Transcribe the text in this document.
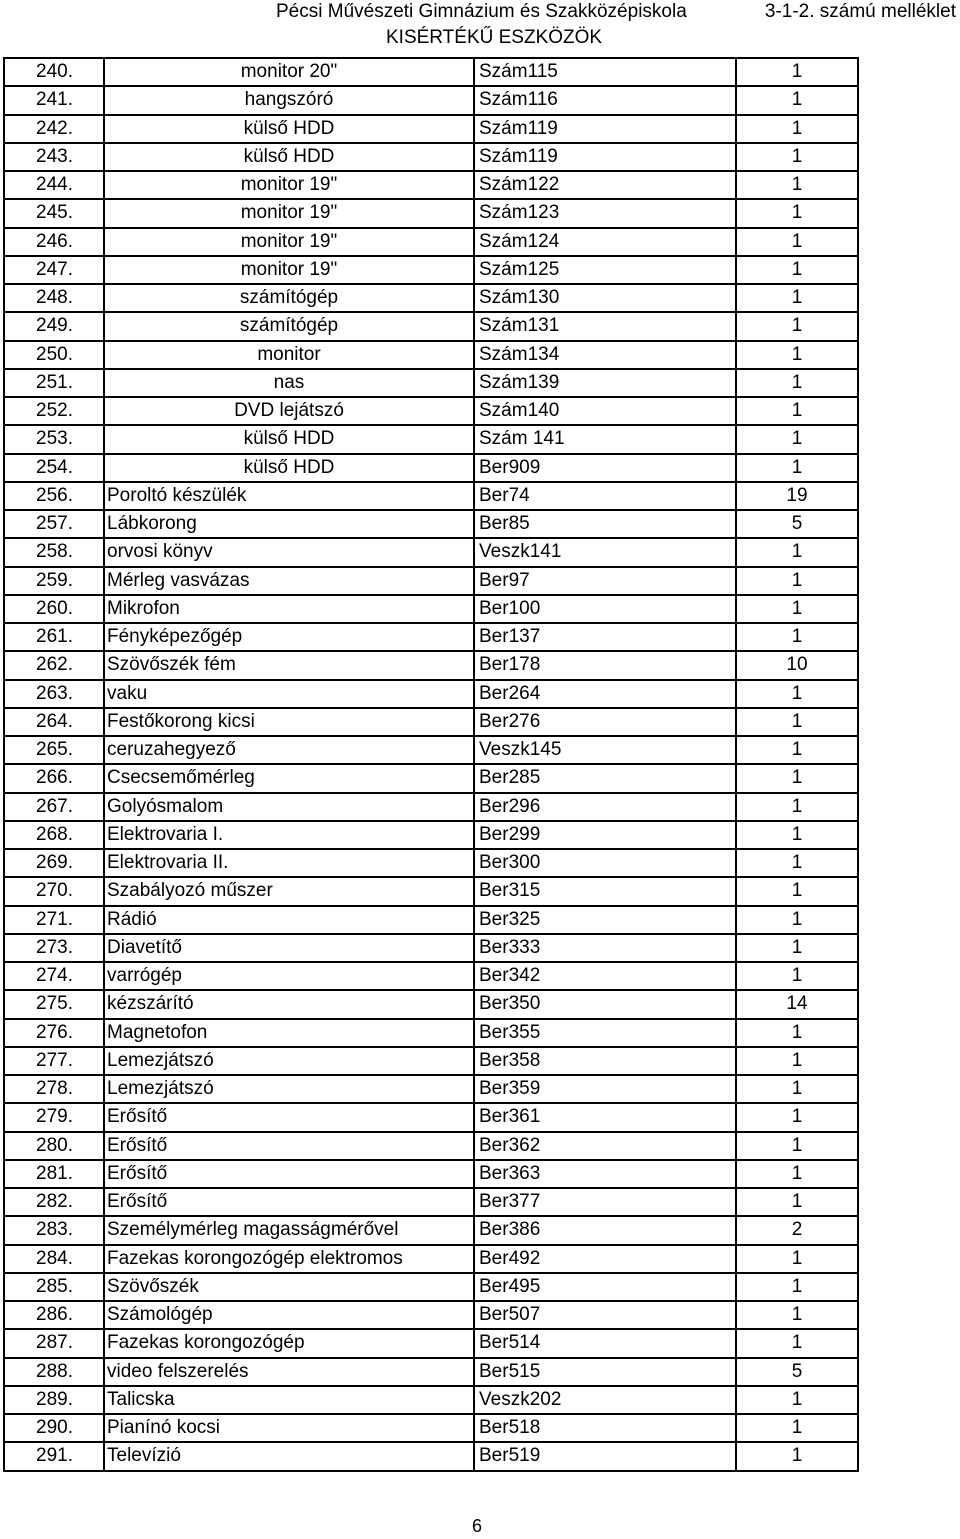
Pécsi Művészeti Gimnázium és Szakközépiskola	3-1-2. számú melléklet
KISÉRTÉKŰ ESZKÖZÖK
240.	monitor 20"	Szám115	1
241.	hangszóró	Szám116	1
242.	külső HDD	Szám119	1
243.	külső HDD	Szám119	1
244.	monitor 19"	Szám122	1
245.	monitor 19"	Szám123	1
246.	monitor 19"	Szám124	1
247.	monitor 19"	Szám125	1
248.	számítógép	Szám130	1
249.	számítógép	Szám131	1
250.	monitor	Szám134	1
251.	nas	Szám139	1
252.	DVD lejátszó	Szám140	1
253.	külső HDD	Szám 141	1
254.	külső HDD	Ber909	1
256.	Poroltó készülék	Ber74	19
257.	Lábkorong	Ber85	5
258.	orvosi könyv	Veszk141	1
259.	Mérleg vasvázas	Ber97	1
260.	Mikrofon	Ber100	1
261.	Fényképezőgép	Ber137	1
262.	Szövőszék fém	Ber178	10
263.	vaku	Ber264	1
264.	Festőkorong kicsi	Ber276	1
265.	ceruzahegyező	Veszk145	1
266.	Csecsemőmérleg	Ber285	1
267.	Golyósmalom	Ber296	1
268.	Elektrovaria I.	Ber299	1
269.	Elektrovaria II.	Ber300	1
270.	Szabályozó műszer	Ber315	1
271.	Rádió	Ber325	1
273.	Diavetítő	Ber333	1
274.	varrógép	Ber342	1
275.	kézszárító	Ber350	14
276.	Magnetofon	Ber355	1
277.	Lemezjátszó	Ber358	1
278.	Lemezjátszó	Ber359	1
279.	Erősítő	Ber361	1
280.	Erősítő	Ber362	1
281.	Erősítő	Ber363	1
282.	Erősítő	Ber377	1
283.	Személymérleg magasságmérővel	Ber386	2
284.	Fazekas korongozógép elektromos	Ber492	1
285.	Szövőszék	Ber495	1
286.	Számológép	Ber507	1
287.	Fazekas korongozógép	Ber514	1
288.	video felszerelés	Ber515	5
289.	Talicska	Veszk202	1
290.	Pianínó kocsi	Ber518	1
291.	Televízió	Ber519	1
6
